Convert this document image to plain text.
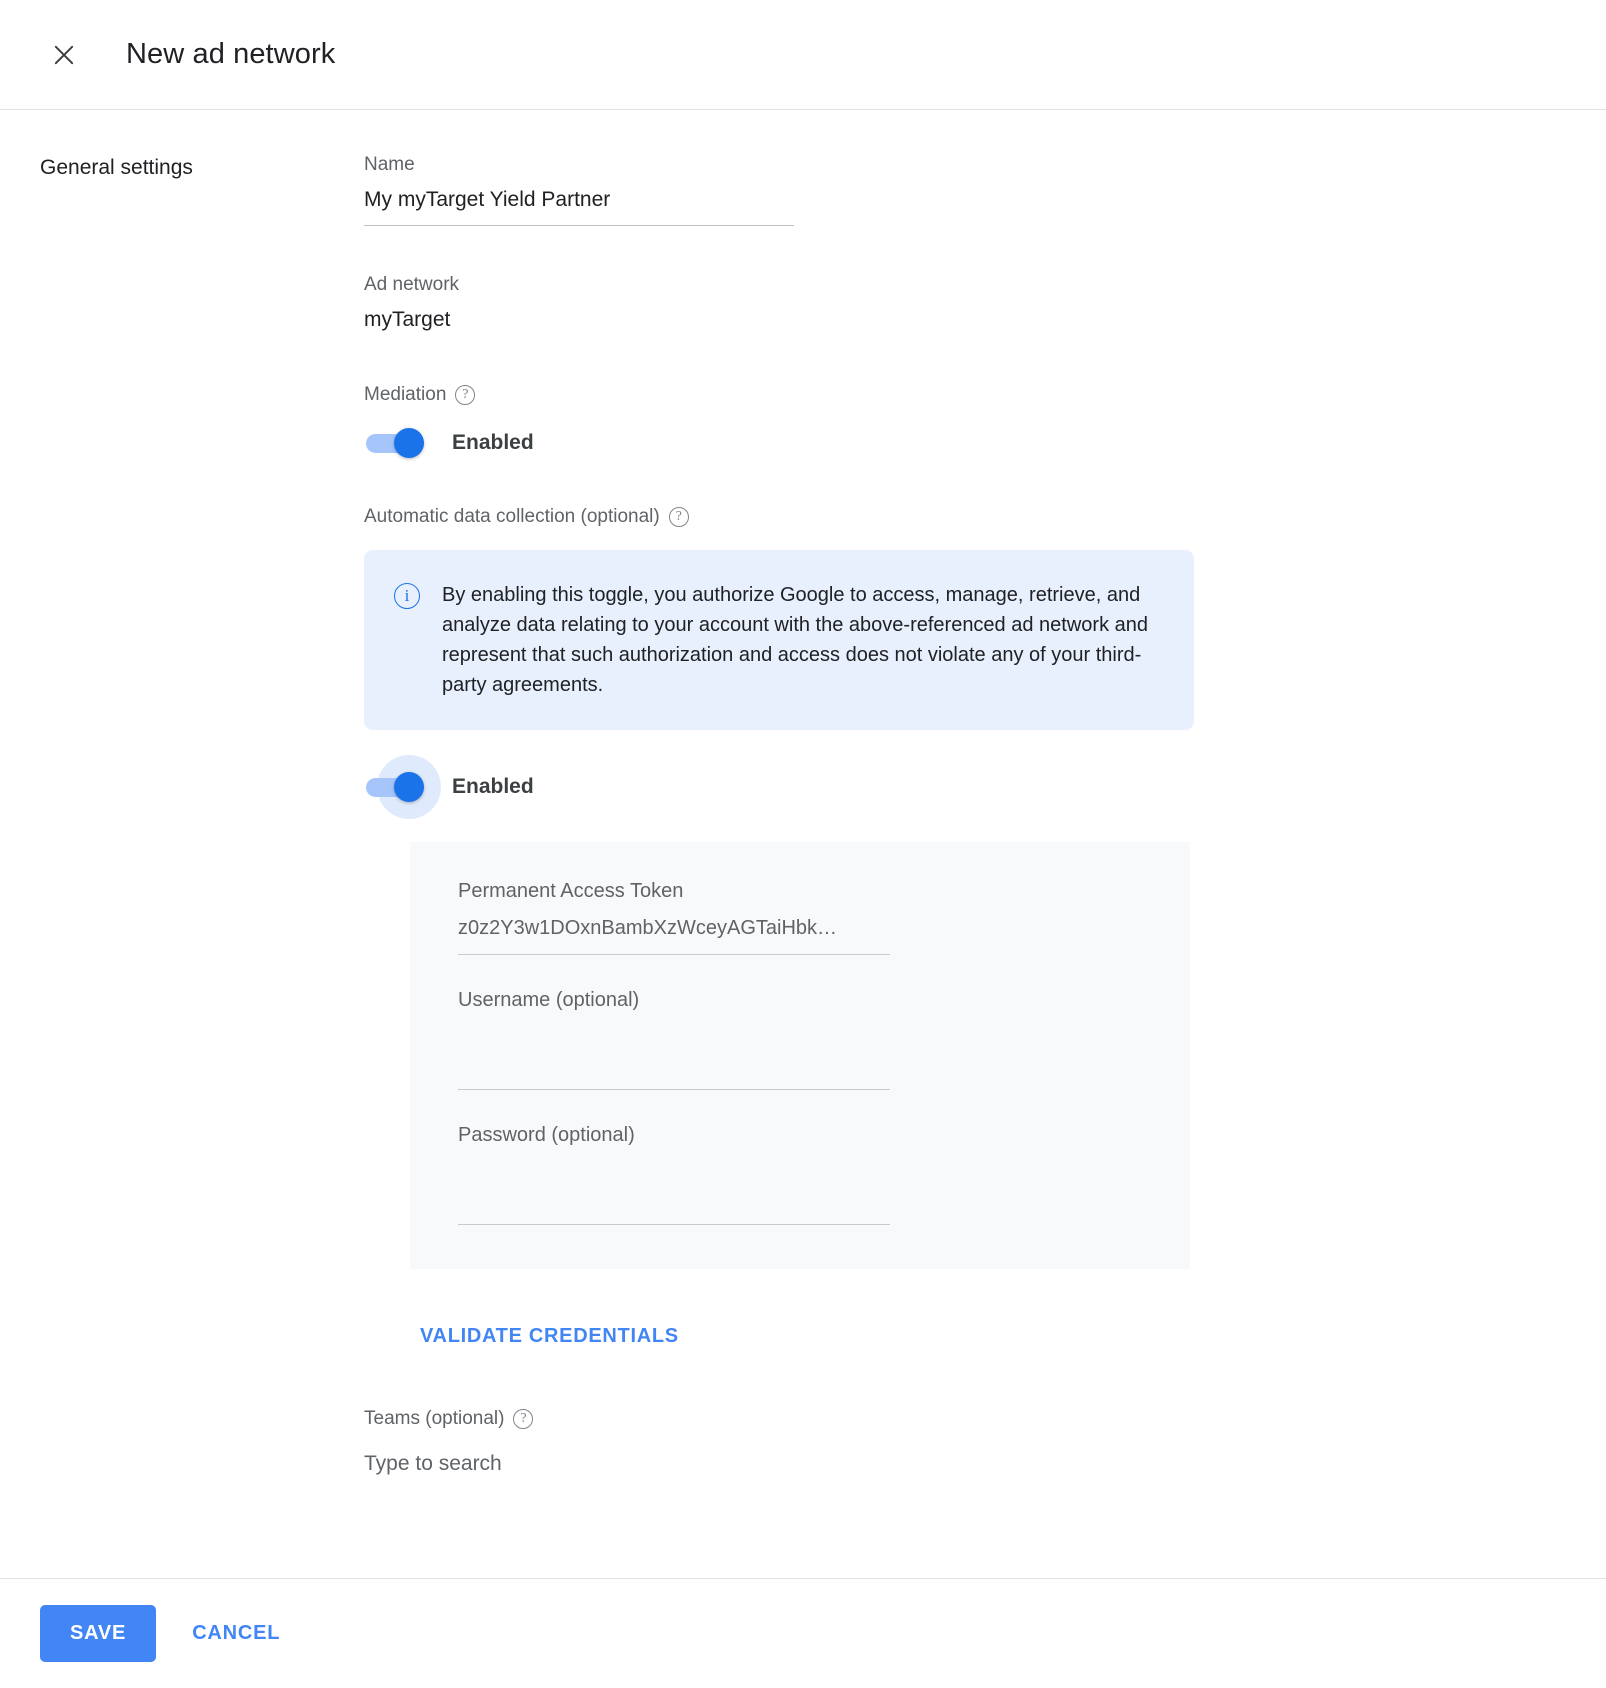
New ad network
General settings	Name
My myTarget Yield Partner
Ad network
myTarget
Mediation	?
Enabled
Automatic data collection (optional)	?
i	By enabling this toggle, you authorize Google to access, manage, retrieve, and analyze data relating to your account with the above-referenced ad network and represent that such authorization and access does not violate any of your third-party agreements.
Enabled
Permanent Access Token
z0z2Y3w1DOxnBambXzWceyAGTaiHbk…
Username (optional)
Password (optional)
VALIDATE CREDENTIALS
Teams (optional)	?
Type to search
SAVE	CANCEL
